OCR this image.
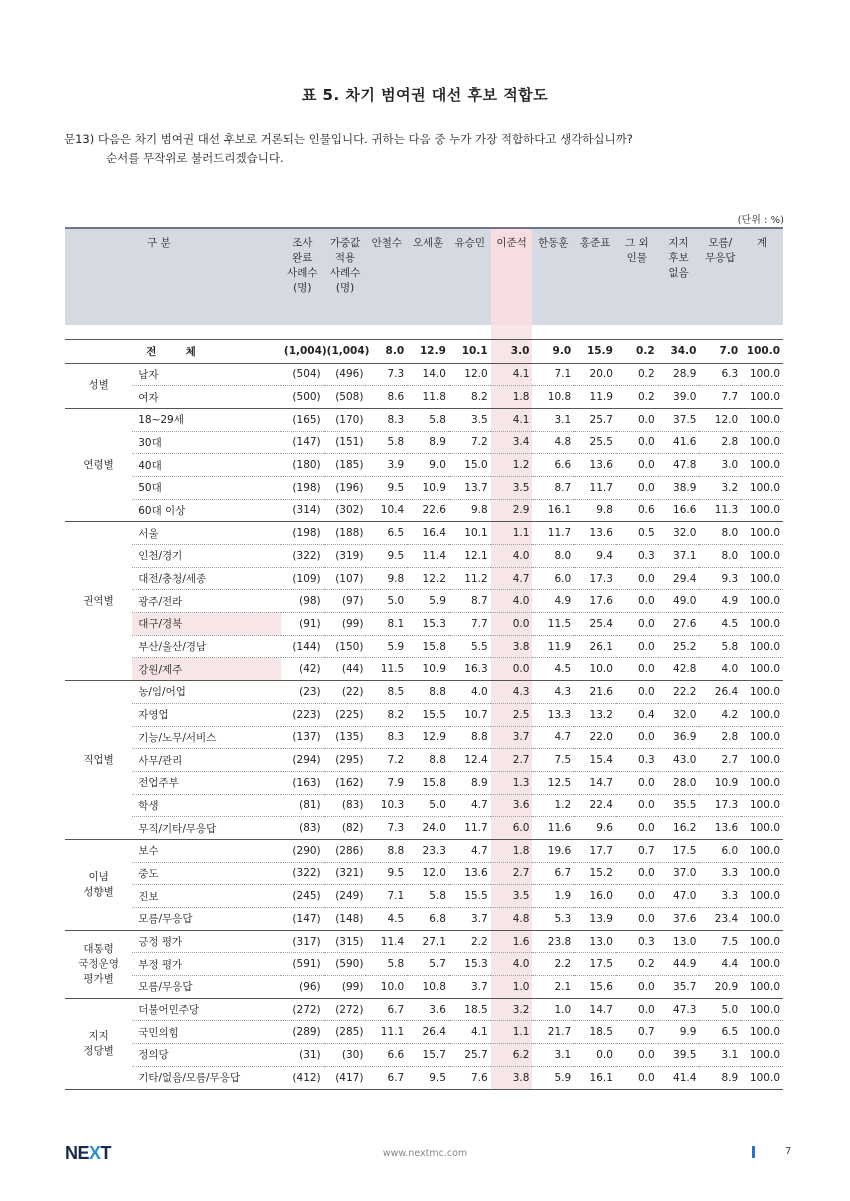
표 5. 차기 범여권 대선 후보 적합도
문13) 다음은 차기 범여권 대선 후보로 거론되는 인물입니다. 귀하는 다음 중 누가 가장 적합하다고 생각하십니까?
순서를 무작위로 불러드리겠습니다.
(단위 : %)
구 분		조사
완료
사례수
(명)	가중값
적용
사례수
(명)	안철수	오세훈	유승민	이준석	한동훈	홍준표	그 외
인물	지지
후보
없음	모름/
무응답	계

	전        체	(1,004)	(1,004)	8.0	12.9	10.1	3.0	9.0	15.9	0.2	34.0	7.0	100.0
성별	남자	(504)	(496)	7.3	14.0	12.0	4.1	7.1	20.0	0.2	28.9	6.3	100.0
	여자	(500)	(508)	8.6	11.8	8.2	1.8	10.8	11.9	0.2	39.0	7.7	100.0
연령별	18~29세	(165)	(170)	8.3	5.8	3.5	4.1	3.1	25.7	0.0	37.5	12.0	100.0
	30대	(147)	(151)	5.8	8.9	7.2	3.4	4.8	25.5	0.0	41.6	2.8	100.0
	40대	(180)	(185)	3.9	9.0	15.0	1.2	6.6	13.6	0.0	47.8	3.0	100.0
	50대	(198)	(196)	9.5	10.9	13.7	3.5	8.7	11.7	0.0	38.9	3.2	100.0
	60대 이상	(314)	(302)	10.4	22.6	9.8	2.9	16.1	9.8	0.6	16.6	11.3	100.0
권역별	서울	(198)	(188)	6.5	16.4	10.1	1.1	11.7	13.6	0.5	32.0	8.0	100.0
	인천/경기	(322)	(319)	9.5	11.4	12.1	4.0	8.0	9.4	0.3	37.1	8.0	100.0
	대전/충청/세종	(109)	(107)	9.8	12.2	11.2	4.7	6.0	17.3	0.0	29.4	9.3	100.0
	광주/전라	(98)	(97)	5.0	5.9	8.7	4.0	4.9	17.6	0.0	49.0	4.9	100.0
	대구/경북	(91)	(99)	8.1	15.3	7.7	0.0	11.5	25.4	0.0	27.6	4.5	100.0
	부산/울산/경남	(144)	(150)	5.9	15.8	5.5	3.8	11.9	26.1	0.0	25.2	5.8	100.0
	강원/제주	(42)	(44)	11.5	10.9	16.3	0.0	4.5	10.0	0.0	42.8	4.0	100.0
직업별	농/임/어업	(23)	(22)	8.5	8.8	4.0	4.3	4.3	21.6	0.0	22.2	26.4	100.0
	자영업	(223)	(225)	8.2	15.5	10.7	2.5	13.3	13.2	0.4	32.0	4.2	100.0
	기능/노무/서비스	(137)	(135)	8.3	12.9	8.8	3.7	4.7	22.0	0.0	36.9	2.8	100.0
	사무/관리	(294)	(295)	7.2	8.8	12.4	2.7	7.5	15.4	0.3	43.0	2.7	100.0
	전업주부	(163)	(162)	7.9	15.8	8.9	1.3	12.5	14.7	0.0	28.0	10.9	100.0
	학생	(81)	(83)	10.3	5.0	4.7	3.6	1.2	22.4	0.0	35.5	17.3	100.0
	무직/기타/무응답	(83)	(82)	7.3	24.0	11.7	6.0	11.6	9.6	0.0	16.2	13.6	100.0
이념
성향별	보수	(290)	(286)	8.8	23.3	4.7	1.8	19.6	17.7	0.7	17.5	6.0	100.0
	중도	(322)	(321)	9.5	12.0	13.6	2.7	6.7	15.2	0.0	37.0	3.3	100.0
	진보	(245)	(249)	7.1	5.8	15.5	3.5	1.9	16.0	0.0	47.0	3.3	100.0
	모름/무응답	(147)	(148)	4.5	6.8	3.7	4.8	5.3	13.9	0.0	37.6	23.4	100.0
대통령
국정운영
평가별	긍정 평가	(317)	(315)	11.4	27.1	2.2	1.6	23.8	13.0	0.3	13.0	7.5	100.0
	부정 평가	(591)	(590)	5.8	5.7	15.3	4.0	2.2	17.5	0.2	44.9	4.4	100.0
	모름/무응답	(96)	(99)	10.0	10.8	3.7	1.0	2.1	15.6	0.0	35.7	20.9	100.0
지지
정당별	더불어민주당	(272)	(272)	6.7	3.6	18.5	3.2	1.0	14.7	0.0	47.3	5.0	100.0
	국민의힘	(289)	(285)	11.1	26.4	4.1	1.1	21.7	18.5	0.7	9.9	6.5	100.0
	정의당	(31)	(30)	6.6	15.7	25.7	6.2	3.1	0.0	0.0	39.5	3.1	100.0
	기타/없음/모름/무응답	(412)	(417)	6.7	9.5	7.6	3.8	5.9	16.1	0.0	41.4	8.9	100.0
NEXT	www.nextmc.com	7
